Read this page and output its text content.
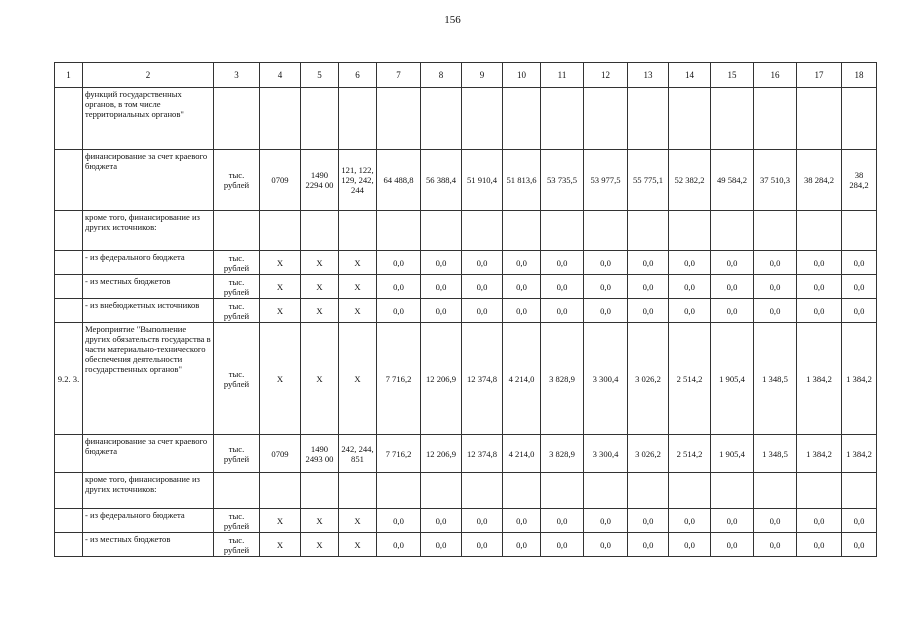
156
1	2	3	4	5	6	7	8	9	10	11	12	13	14	15	16	17	18
	функций государственных органов, в том числе территориальных органов"																
	финансирование за счет краевого бюджета	тыс. рублей	0709	1490 2294 00	121, 122, 129, 242, 244	64 488,8	56 388,4	51 910,4	51 813,6	53 735,5	53 977,5	55 775,1	52 382,2	49 584,2	37 510,3	38 284,2	38 284,2
	кроме того, финансирование из других источников:																
	- из федерального бюджета	тыс. рублей	X	X	X	0,0	0,0	0,0	0,0	0,0	0,0	0,0	0,0	0,0	0,0	0,0	0,0
	- из местных бюджетов	тыс. рублей	X	X	X	0,0	0,0	0,0	0,0	0,0	0,0	0,0	0,0	0,0	0,0	0,0	0,0
	- из внебюджетных источников	тыс. рублей	X	X	X	0,0	0,0	0,0	0,0	0,0	0,0	0,0	0,0	0,0	0,0	0,0	0,0
9.2. 3.	Мероприятие "Выполнение других обязательств государства в части материально-технического обеспечения деятельности государственных органов"	тыс. рублей	X	X	X	7 716,2	12 206,9	12 374,8	4 214,0	3 828,9	3 300,4	3 026,2	2 514,2	1 905,4	1 348,5	1 384,2	1 384,2
	финансирование за счет краевого бюджета	тыс. рублей	0709	1490 2493 00	242, 244, 851	7 716,2	12 206,9	12 374,8	4 214,0	3 828,9	3 300,4	3 026,2	2 514,2	1 905,4	1 348,5	1 384,2	1 384,2
	кроме того, финансирование из других источников:																
	- из федерального бюджета	тыс. рублей	X	X	X	0,0	0,0	0,0	0,0	0,0	0,0	0,0	0,0	0,0	0,0	0,0	0,0
	- из местных бюджетов	тыс. рублей	X	X	X	0,0	0,0	0,0	0,0	0,0	0,0	0,0	0,0	0,0	0,0	0,0	0,0
